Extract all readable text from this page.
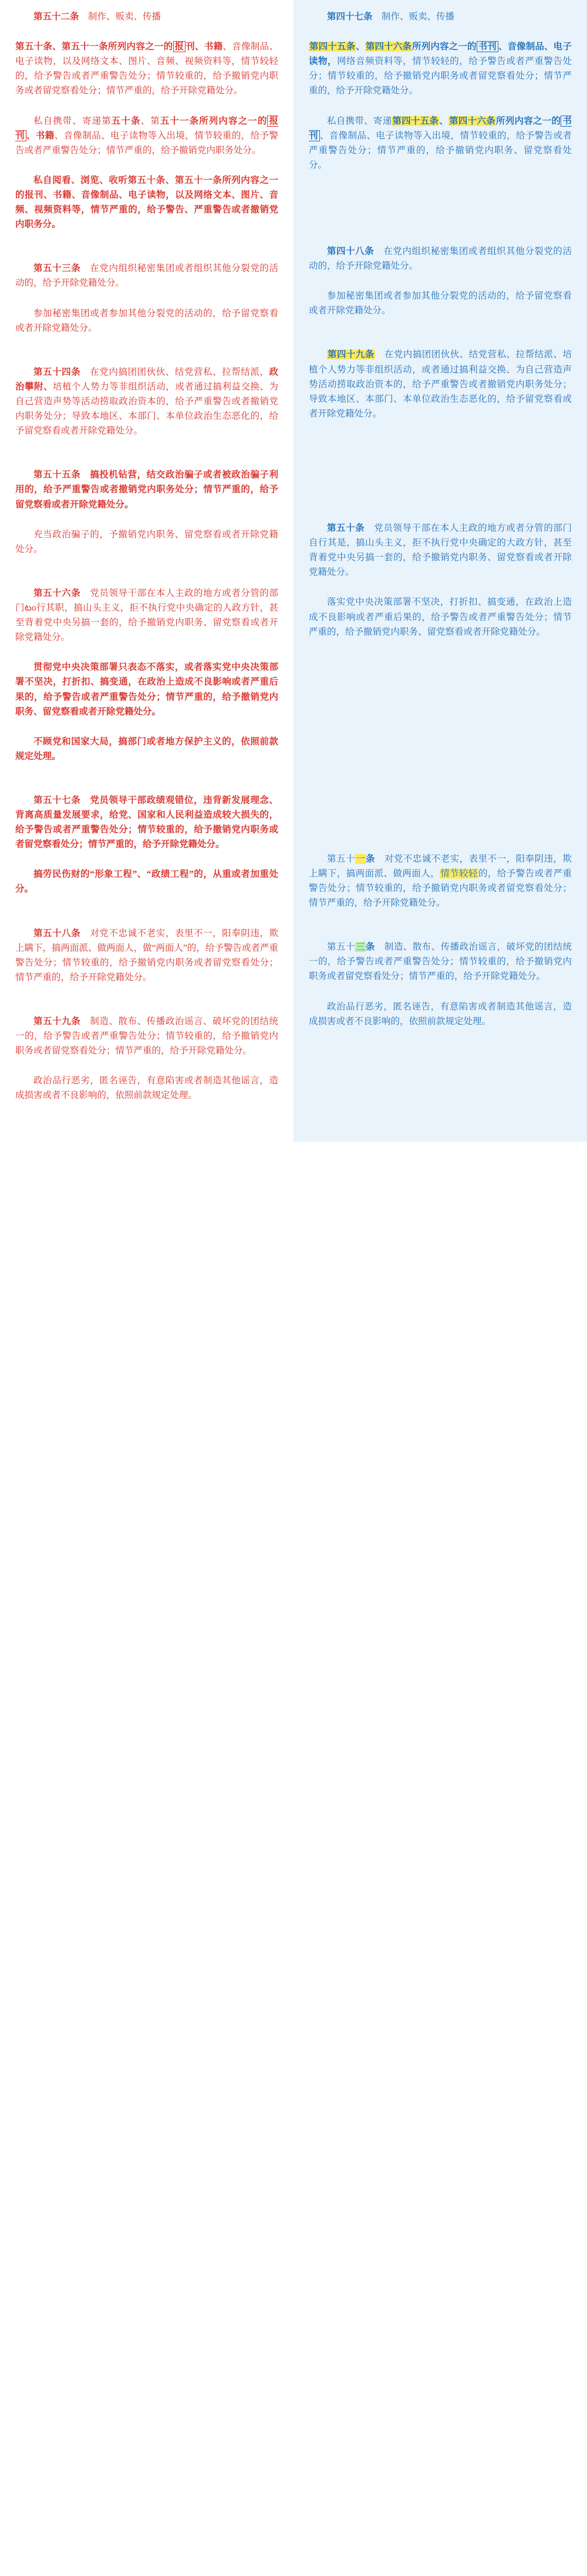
第五十二条　制作、贩卖、传播

第五十条、第五十一条所列内容之一的 报 刊、书籍、音像制品、电子读物，以及网络文本、图片、音频、视频资料等，情节较轻的，给予警告或者严重警告处分；情节较重的，给予撤销党内职务或者留党察看处分；情节严重的，给予开除党籍处分。

私自携带、寄递第五十条、第五十一条所列内容之一的 报刊 、书籍、音像制品、电子读物等入出境，情节较重的，给予警告或者严重警告处分；情节严重的，给予撤销党内职务处分。

私自阅看、浏览、收听第五十条、第五十一条所列内容之一的报刊、书籍、音像制品、电子读物，以及网络文本、图片、音频、视频资料等，情节严重的，给予警告、严重警告或者撤销党内职务分。

第五十三条　在党内组织秘密集团或者组织其他分裂党的活动的，给予开除党籍处分。

参加秘密集团或者参加其他分裂党的活动的，给予留党察看或者开除党籍处分。

第五十四条　在党内搞团团伙伙、结党营私、拉帮结派，政治攀附、培植个人势力等非组织活动，或者通过搞利益交换、为自己营造声势等活动捞取政治资本的，给予严重警告或者撤销党内职务处分；导致本地区、本部门、本单位政治生态恶化的，给予留党察看或者开除党籍处分。

第五十五条　搞投机钻营，结交政治骗子或者被政治骗子利用的，给予严重警告或者撤销党内职务处分；情节严重的，给予留党察看或者开除党籍处分。

充当政治骗子的，予撤销党内职务、留党察看或者开除党籍处分。

第五十六条　党员领导干部在本人主政的地方或者分管的部门టo行其职，搞山头主义，拒不执行党中央确定的人政方针，甚至背着党中央另搞一套的，给予撤销党内职务、留党察看或者开除党籍处分。

贯彻党中央决策部署只表态不落实，或者落实党中央决策部署不坚决，打折扣、搞变通，在政治上造成不良影响或者严重后果的，给予警告或者严重警告处分；情节严重的，给予撤销党内职务、留党察看或者开除党籍处分。

不顾党和国家大局，搞部门或者地方保护主义的，依照前款规定处理。

第五十七条　党员领导干部政绩观错位，违背新发展理念、背离高质量发展要求，给党、国家和人民利益造成较大损失的，给予警告或者严重警告处分；情节较重的，给予撤销党内职务或者留党察看处分；情节严重的，给予开除党籍处分。

搞劳民伤财的“形象工程”、“政绩工程”的，从重或者加重处分。

第五十八条　对党不忠诚不老实，表里不一，阳奉阴违，欺上瞒下，搞两面派、做两面人，做“两面人”的，给予警告或者严重警告处分；情节较重的，给予撤销党内职务或者留党察看处分；情节严重的，给予开除党籍处分。

第五十九条　制造、散布、传播政治谣言、破坏党的团结统一的，给予警告或者严重警告处分；情节较重的，给予撤销党内职务或者留党察看处分；情节严重的，给予开除党籍处分。

政治品行恶劣，匿名诬告，有意陷害或者制造其他谣言，造成损害或者不良影响的，依照前款规定处理。

第四十七条　制作、贩卖、传播

第四十五条、第四十六条所列内容之一的 书刊 、音像制品、电子读物，网络音频资料等，情节较轻的，给予警告或者严重警告处分；情节较重的，给予撤销党内职务或者留党察看处分；情节严重的，给予开除党籍处分。

私自携带、寄递第四十五条、第四十六条所列内容之一的 书刊 、音像制品、电子读物等入出境，情节较重的，给予警告或者严重警告处分；情节严重的，给予撤销党内职务、留党察看处分。

第四十八条　在党内组织秘密集团或者组织其他分裂党的活动的，给予开除党籍处分。

参加秘密集团或者参加其他分裂党的活动的，给予留党察看或者开除党籍处分。

第四十九条　在党内搞团团伙伙、结党营私、拉帮结派、培植个人势力等非组织活动，或者通过搞利益交换、为自己营造声势活动捞取政治资本的，给予严重警告或者撤销党内职务处分；导致本地区、本部门、本单位政治生态恶化的，给予留党察看或者开除党籍处分。

第五十条　党员领导干部在本人主政的地方或者分管的部门自行其是，搞山头主义，拒不执行党中央确定的大政方针，甚至背着党中央另搞一套的，给予撤销党内职务、留党察看或者开除党籍处分。

落实党中央决策部署不坚决，打折扣、搞变通，在政治上造成不良影响或者严重后果的，给予警告或者严重警告处分；情节严重的，给予撤销党内职务、留党察看或者开除党籍处分。

第五十一条　对党不忠诚不老实，表里不一，阳奉阴违，欺上瞒下，搞两面派、做两面人，情节较轻的，给予警告或者严重警告处分；情节较重的，给予撤销党内职务或者留党察看处分；情节严重的，给予开除党籍处分。

第五十三条　制造、散布、传播政治谣言，破坏党的团结统一的，给予警告或者严重警告处分；情节较重的，给予撤销党内职务或者留党察看处分；情节严重的，给予开除党籍处分。

政治品行恶劣，匿名诬告，有意陷害或者制造其他谣言，造成损害或者不良影响的，依照前款规定处理。
